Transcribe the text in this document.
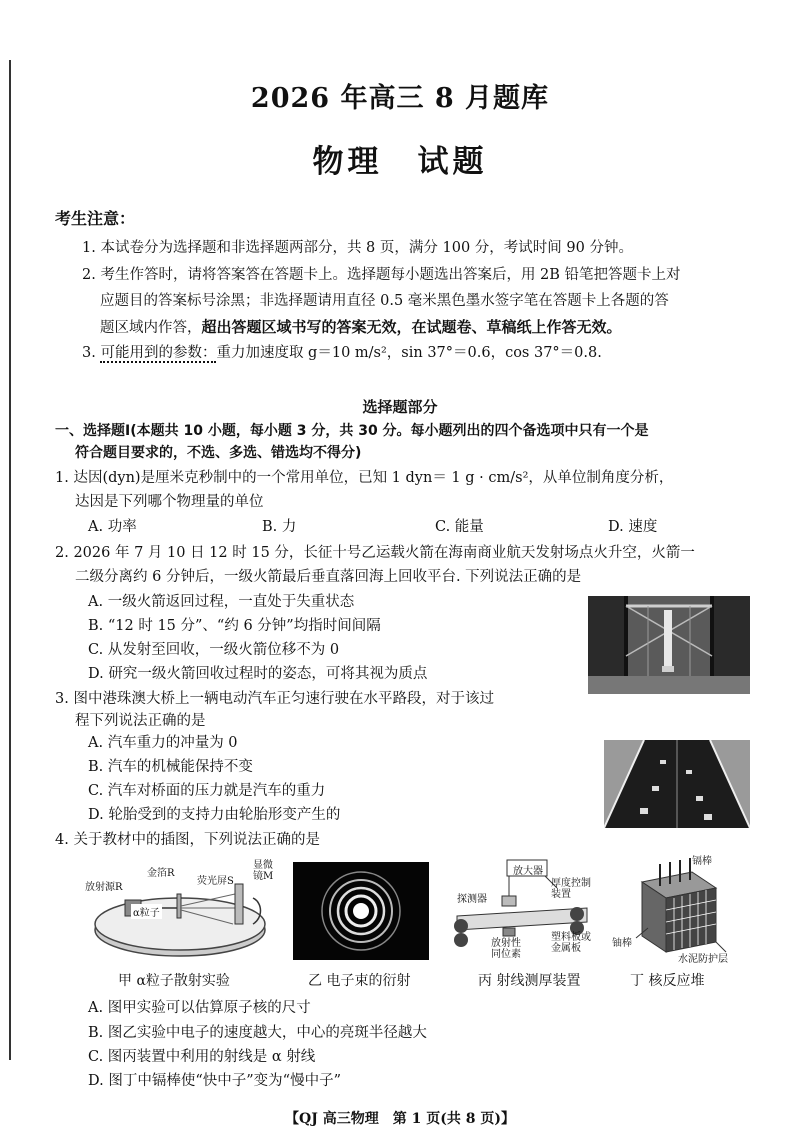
2026 年高三 8 月题库
物理　试题
考生注意：
1. 本试卷分为选择题和非选择题两部分，共 8 页，满分 100 分，考试时间 90 分钟。
2. 考生作答时，请将答案答在答题卡上。选择题每小题选出答案后，用 2B 铅笔把答题卡上对
应题目的答案标号涂黑；非选择题请用直径 0.5 毫米黑色墨水签字笔在答题卡上各题的答
题区域内作答，超出答题区域书写的答案无效，在试题卷、草稿纸上作答无效。
3. 可能用到的参数：重力加速度取 g＝10 m/s²，sin 37°＝0.6，cos 37°＝0.8.
选择题部分
一、选择题Ⅰ(本题共 10 小题，每小题 3 分，共 30 分。每小题列出的四个备选项中只有一个是
符合题目要求的，不选、多选、错选均不得分)
1. 达因(dyn)是厘米克秒制中的一个常用单位，已知 1 dyn＝ 1 g · cm/s²，从单位制角度分析，
达因是下列哪个物理量的单位
A. 功率	B. 力	C. 能量	D. 速度
2. 2026 年 7 月 10 日 12 时 15 分，长征十号乙运载火箭在海南商业航天发射场点火升空，火箭一
二级分离约 6 分钟后，一级火箭最后垂直落回海上回收平台. 下列说法正确的是
A. 一级火箭返回过程，一直处于失重状态
B. “12 时 15 分”、“约 6 分钟”均指时间间隔
C. 从发射至回收，一级火箭位移不为 0
D. 研究一级火箭回收过程时的姿态，可将其视为质点
3. 图中港珠澳大桥上一辆电动汽车正匀速行驶在水平路段，对于该过
程下列说法正确的是
A. 汽车重力的冲量为 0
B. 汽车的机械能保持不变
C. 汽车对桥面的压力就是汽车的重力
D. 轮胎受到的支持力由轮胎形变产生的
4. 关于教材中的插图，下列说法正确的是
放射源R
金箔R
荧光屏S
显微镜M
α粒子
放大器
探测器
厚度控制装置
塑料板或金属板
放射性同位素
镉棒
铀棒
水泥防护层
甲 α粒子散射实验	乙 电子束的衍射	丙 射线测厚装置	丁 核反应堆
A. 图甲实验可以估算原子核的尺寸
B. 图乙实验中电子的速度越大，中心的亮斑半径越大
C. 图丙装置中利用的射线是 α 射线
D. 图丁中镉棒使“快中子”变为“慢中子”
【QJ 高三物理　第 1 页(共 8 页)】
